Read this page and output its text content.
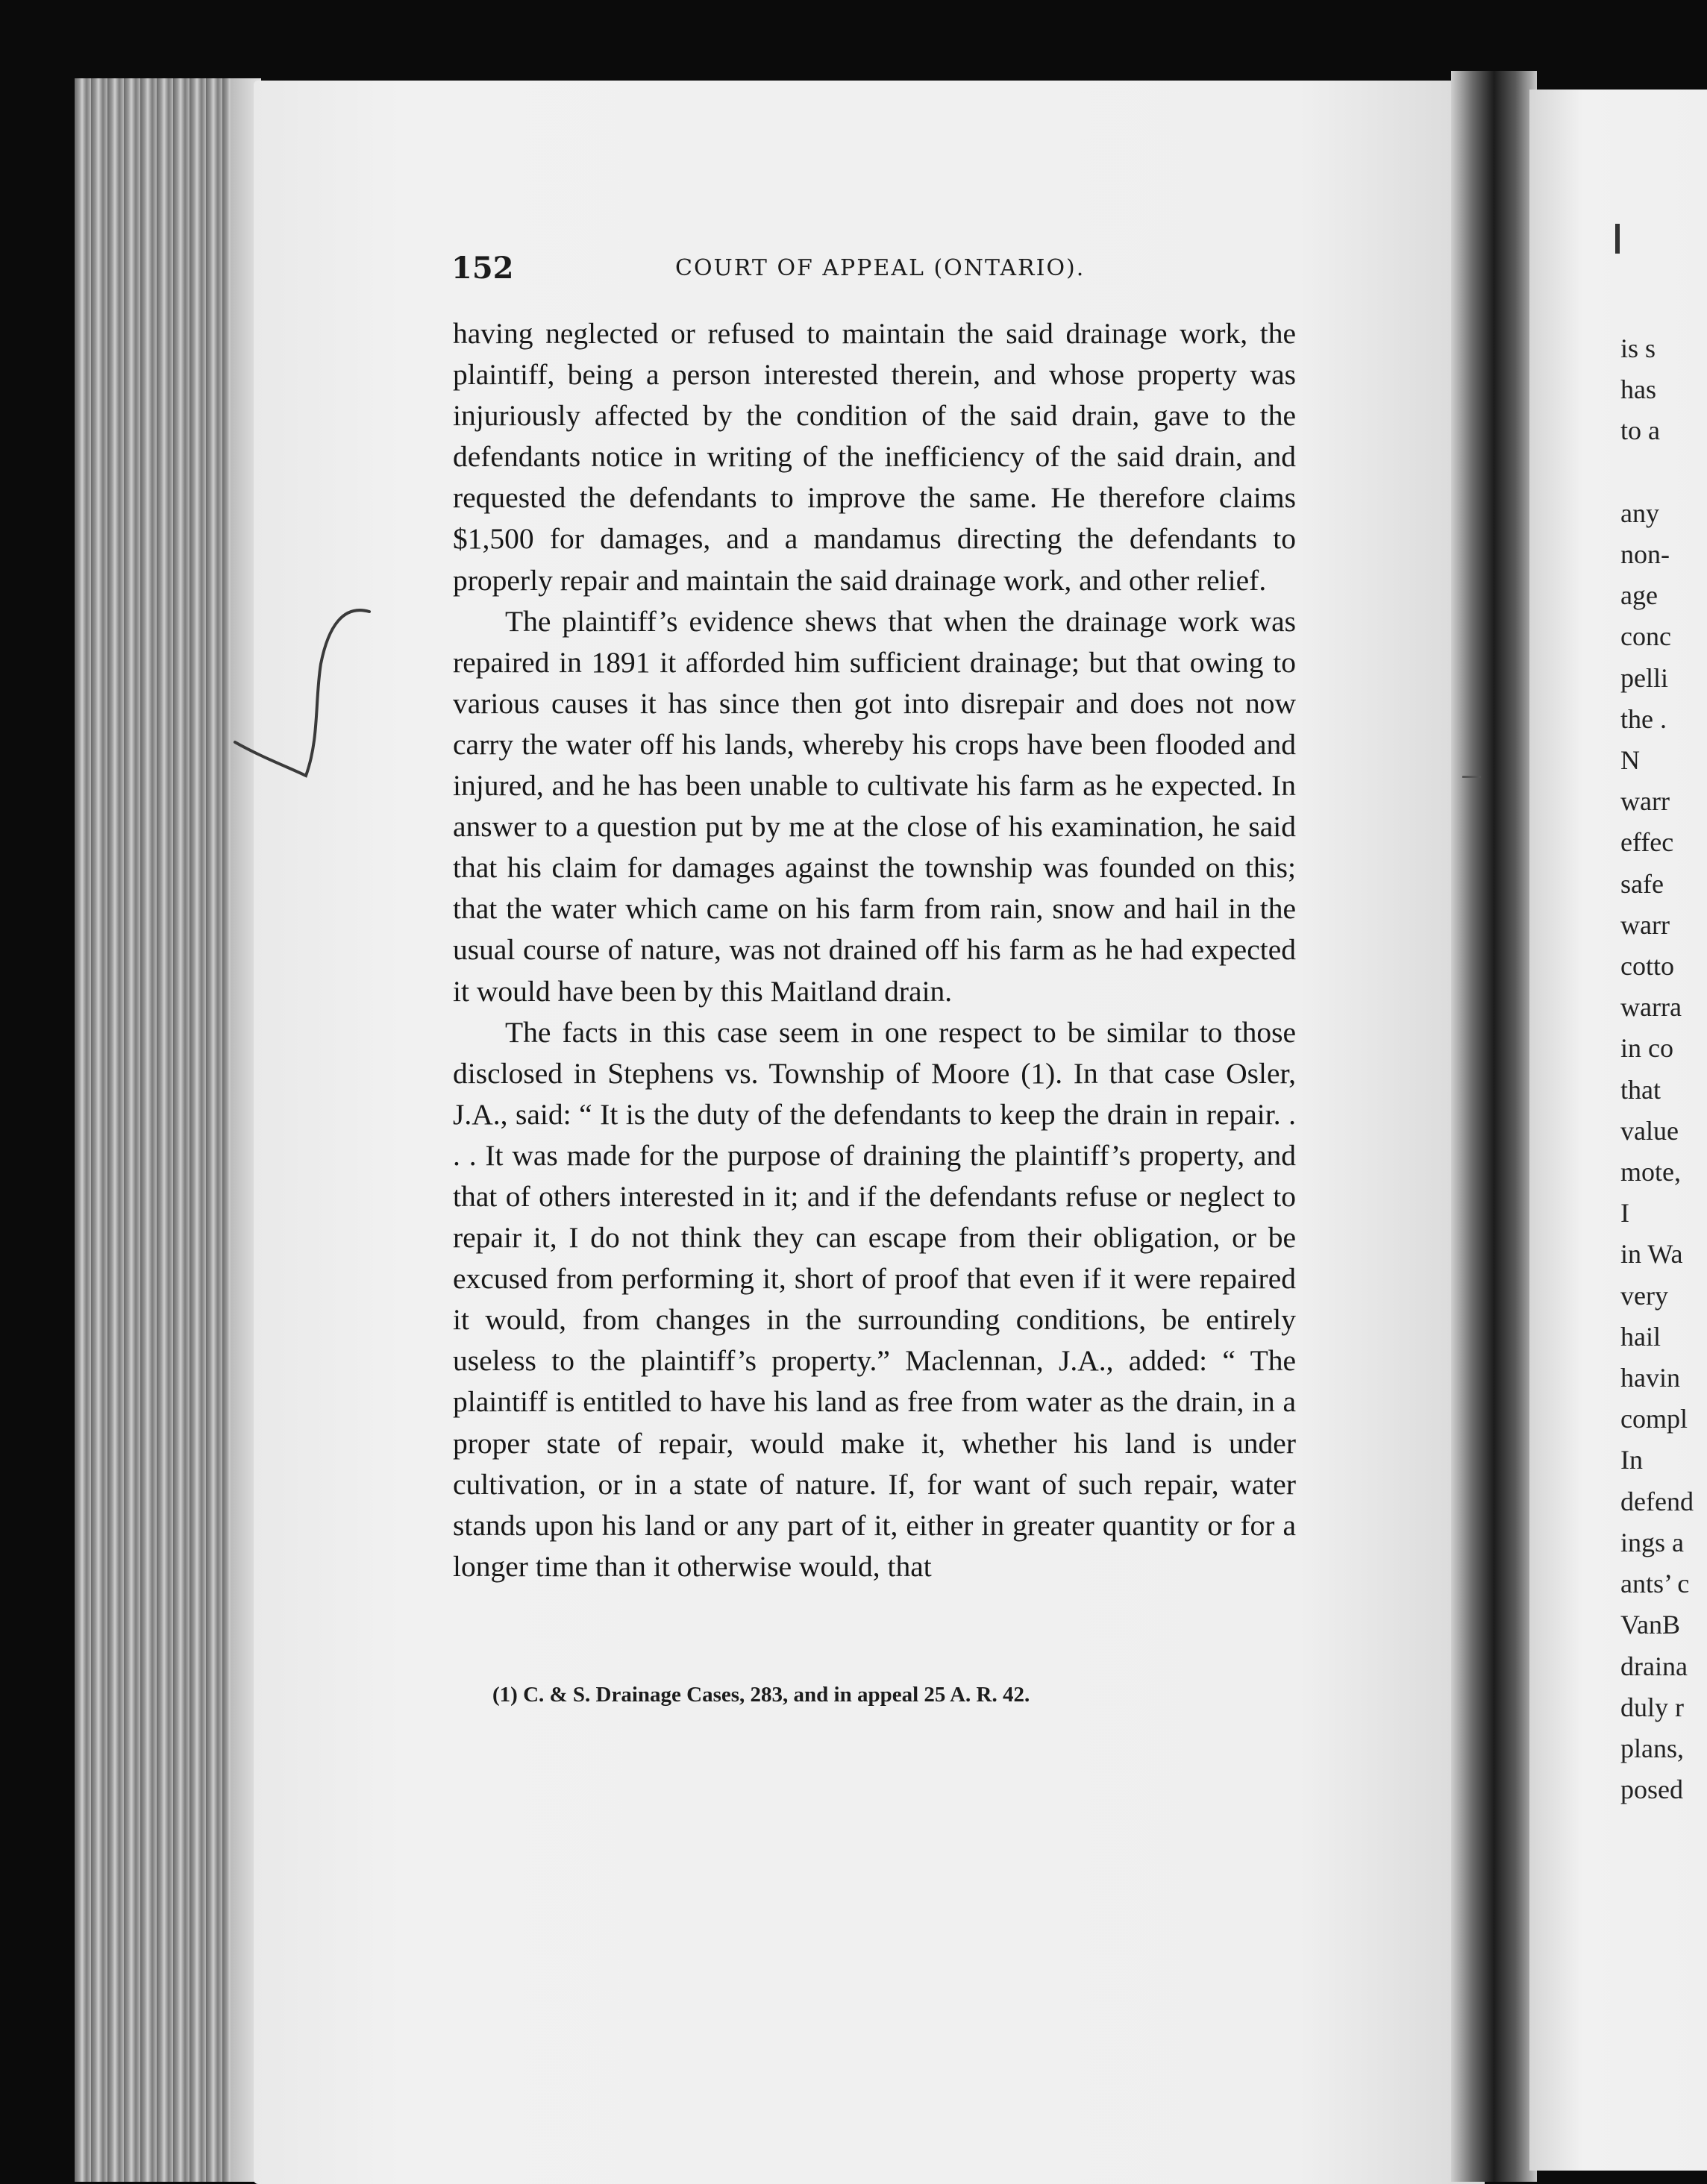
152	COURT OF APPEAL (ONTARIO).

having neglected or refused to maintain the said drainage work, the plaintiff, being a person interested therein, and whose property was injuriously affected by the condition of the said drain, gave to the defendants notice in writing of the inefficiency of the said drain, and requested the defendants to improve the same. He therefore claims $1,500 for damages, and a mandamus directing the defendants to properly repair and maintain the said drainage work, and other relief.

The plaintiff’s evidence shews that when the drainage work was repaired in 1891 it afforded him sufficient drainage; but that owing to various causes it has since then got into disrepair and does not now carry the water off his lands, whereby his crops have been flooded and injured, and he has been unable to cultivate his farm as he expected. In answer to a question put by me at the close of his examination, he said that his claim for damages against the township was founded on this; that the water which came on his farm from rain, snow and hail in the usual course of nature, was not drained off his farm as he had expected it would have been by this Maitland drain.

The facts in this case seem in one respect to be similar to those disclosed in Stephens vs. Township of Moore (1). In that case Osler, J.A., said: “ It is the duty of the defendants to keep the drain in repair. . . . It was made for the purpose of draining the plaintiff’s property, and that of others interested in it; and if the defendants refuse or neglect to repair it, I do not think they can escape from their obligation, or be excused from performing it, short of proof that even if it were repaired it would, from changes in the surrounding conditions, be entirely useless to the plaintiff’s property.” Maclennan, J.A., added: “ The plaintiff is entitled to have his land as free from water as the drain, in a proper state of repair, would make it, whether his land is under cultivation, or in a state of nature. If, for want of such repair, water stands upon his land or any part of it, either in greater quantity or for a longer time than it otherwise would, that

(1) C. & S. Drainage Cases, 283, and in appeal 25 A. R. 42.
is s
has
to a

any
non-
age
conc
pelli
the .
N
warr
effec
safe
warr
cotto
warra
in co
that
value
mote,
I
in Wa
very
hail
havin
compl
In
defend
ings a
ants’ c
VanB
draina
duly r
plans,
posed
